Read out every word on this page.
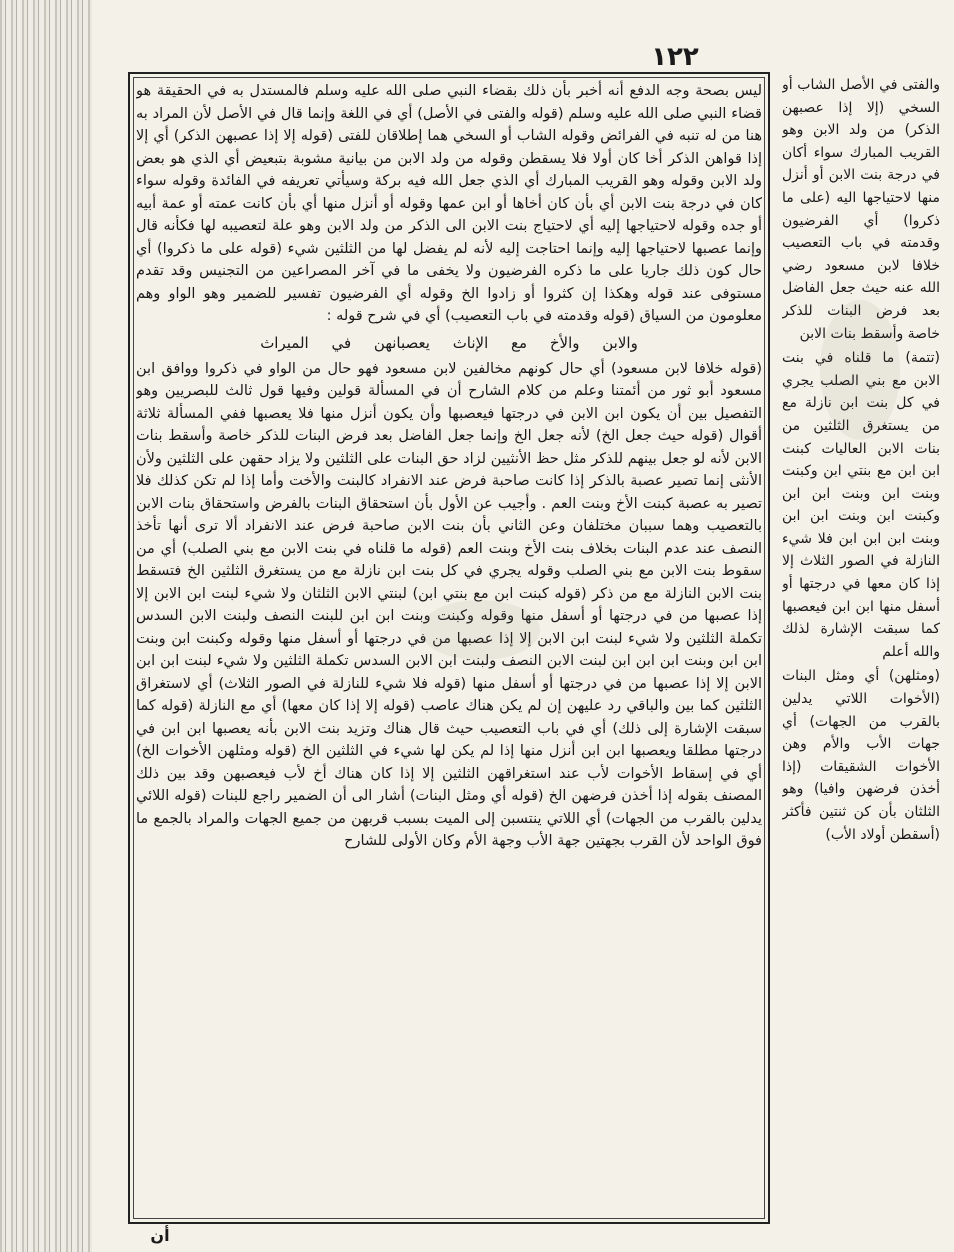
١٢٢

ليس بصحة وجه الدفع أنه أخبر بأن ذلك بقضاء النبي صلى الله عليه وسلم فالمستدل به في الحقيقة هو قضاء النبي صلى الله عليه وسلم (قوله والفتى في الأصل) أي في اللغة وإنما قال في الأصل لأن المراد به هنا من له تنبه في الفرائض وقوله الشاب أو السخي هما إطلاقان للفتى (قوله إلا إذا عصبهن الذكر) أي إلا إذا قواهن الذكر أخا كان أولا فلا يسقطن وقوله من ولد الابن من بيانية مشوبة بتبعيض أي الذي هو بعض ولد الابن وقوله وهو القريب المبارك أي الذي جعل الله فيه بركة وسيأتي تعريفه في الفائدة وقوله سواء كان في درجة بنت الابن أي بأن كان أخاها أو ابن عمها وقوله أو أنزل منها أي بأن كانت عمته أو عمة أبيه أو جده وقوله لاحتياجها إليه أي لاحتياج بنت الابن الى الذكر من ولد الابن وهو علة لتعصيبه لها فكأنه قال وإنما عصبها لاحتياجها إليه وإنما احتاجت إليه لأنه لم يفضل لها من الثلثين شيء (قوله على ما ذكروا) أي حال كون ذلك جاريا على ما ذكره الفرضيون ولا يخفى ما في آخر المصراعين من التجنيس وقد تقدم مستوفى عند قوله وهكذا إن كثروا أو زادوا الخ وقوله أي الفرضيون تفسير للضمير وهو الواو وهم معلومون من السياق (قوله وقدمته في باب التعصيب) أي في شرح قوله :

والابن والأخ مع الإناث يعصبانهن في الميراث

(قوله خلافا لابن مسعود) أي حال كونهم مخالفين لابن مسعود فهو حال من الواو في ذكروا ووافق ابن مسعود أبو ثور من أئمتنا وعلم من كلام الشارح أن في المسألة قولين وفيها قول ثالث للبصريين وهو التفصيل بين أن يكون ابن الابن في درجتها فيعصبها وأن يكون أنزل منها فلا يعصبها ففي المسألة ثلاثة أقوال (قوله حيث جعل الخ) لأنه جعل الخ وإنما جعل الفاضل بعد فرض البنات للذكر خاصة وأسقط بنات الابن لأنه لو جعل بينهم للذكر مثل حظ الأنثيين لزاد حق البنات على الثلثين ولا يزاد حقهن على الثلثين ولأن الأنثى إنما تصير عصبة بالذكر إذا كانت صاحبة فرض عند الانفراد كالبنت والأخت وأما إذا لم تكن كذلك فلا تصير به عصبة كبنت الأخ وبنت العم . وأجيب عن الأول بأن استحقاق البنات بالفرض واستحقاق بنات الابن بالتعصيب وهما سببان مختلفان وعن الثاني بأن بنت الابن صاحبة فرض عند الانفراد ألا ترى أنها تأخذ النصف عند عدم البنات بخلاف بنت الأخ وبنت العم (قوله ما قلناه في بنت الابن مع بني الصلب) أي من سقوط بنت الابن مع بني الصلب وقوله يجري في كل بنت ابن نازلة مع من يستغرق الثلثين الخ فتسقط بنت الابن النازلة مع من ذكر (قوله كبنت ابن مع بنتي ابن) لبنتي الابن الثلثان ولا شيء لبنت ابن الابن إلا إذا عصبها من في درجتها أو أسفل منها وقوله وكبنت وبنت ابن ابن للبنت النصف ولبنت الابن السدس تكملة الثلثين ولا شيء لبنت ابن الابن إلا إذا عصبها من في درجتها أو أسفل منها وقوله وكبنت ابن وبنت ابن ابن وبنت ابن ابن ابن لبنت الابن النصف ولبنت ابن الابن السدس تكملة الثلثين ولا شيء لبنت ابن ابن الابن إلا إذا عصبها من في درجتها أو أسفل منها (قوله فلا شيء للنازلة في الصور الثلاث) أي لاستغراق الثلثين كما بين والباقي رد عليهن إن لم يكن هناك عاصب (قوله إلا إذا كان معها) أي مع النازلة (قوله كما سبقت الإشارة إلى ذلك) أي في باب التعصيب حيث قال هناك وتزيد بنت الابن بأنه يعصبها ابن ابن في درجتها مطلقا ويعصبها ابن ابن أنزل منها إذا لم يكن لها شيء في الثلثين الخ (قوله ومثلهن الأخوات الخ) أي في إسقاط الأخوات لأب عند استغراقهن الثلثين إلا إذا كان هناك أخ لأب فيعصبهن وقد بين ذلك المصنف بقوله إذا أخذن فرضهن الخ (قوله أي ومثل البنات) أشار الى أن الضمير راجع للبنات (قوله اللائي يدلين بالقرب من الجهات) أي اللاتي ينتسبن إلى الميت بسبب قربهن من جميع الجهات والمراد بالجمع ما فوق الواحد لأن القرب بجهتين جهة الأب وجهة الأم وكان الأولى للشارح

والفتى في الأصل الشاب أو السخي (إلا إذا عصبهن الذكر) من ولد الابن وهو القريب المبارك سواء أكان في درجة بنت الابن أو أنزل منها لاحتياجها اليه (على ما ذكروا) أي الفرضيون وقدمته في باب التعصيب خلافا لابن مسعود رضي الله عنه حيث جعل الفاضل بعد فرض البنات للذكر خاصة وأسقط بنات الابن

(تتمة) ما قلناه في بنت الابن مع بني الصلب يجري في كل بنت ابن نازلة مع من يستغرق الثلثين من بنات الابن العاليات كبنت ابن ابن مع بنتي ابن وكبنت وبنت ابن وبنت ابن ابن وكبنت ابن وبنت ابن ابن وبنت ابن ابن ابن فلا شيء النازلة في الصور الثلاث إلا إذا كان معها في درجتها أو أسفل منها ابن ابن فيعصبها كما سبقت الإشارة لذلك والله أعلم

(ومثلهن) أي ومثل البنات (الأخوات اللاتي يدلين بالقرب من الجهات) أي جهات الأب والأم وهن الأخوات الشقيقات (إذا أخذن فرضهن وافيا) وهو الثلثان بأن كن ثنتين فأكثر (أسقطن أولاد الأب)

أن
